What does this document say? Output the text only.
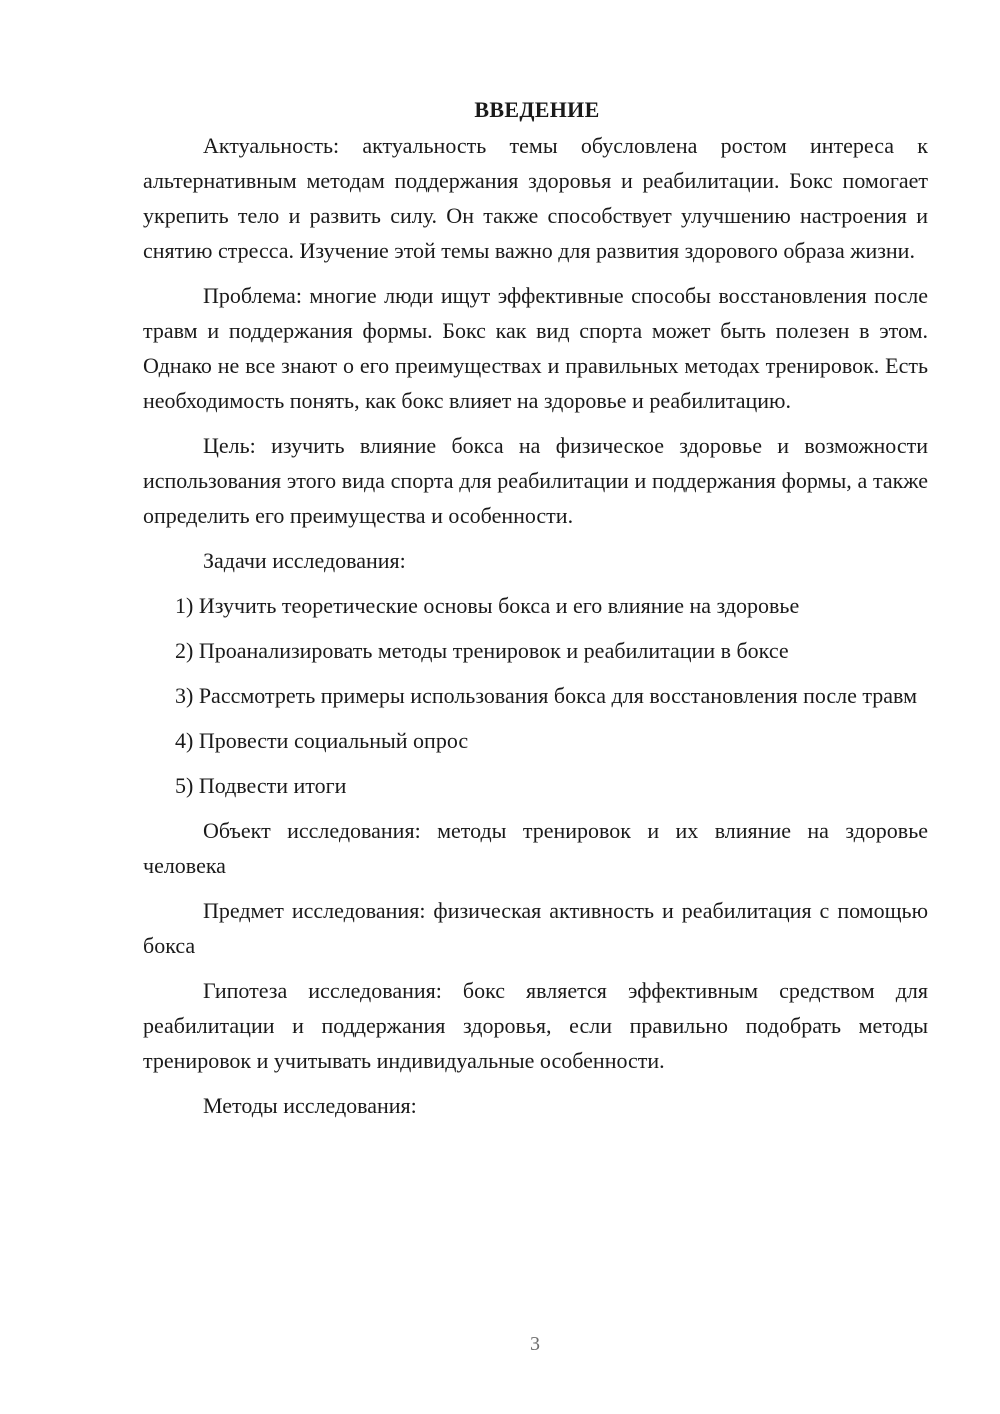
ВВЕДЕНИЕ

Актуальность: актуальность темы обусловлена ростом интереса к альтернативным методам поддержания здоровья и реабилитации. Бокс помогает укрепить тело и развить силу. Он также способствует улучшению настроения и снятию стресса. Изучение этой темы важно для развития здорового образа жизни.

Проблема: многие люди ищут эффективные способы восстановления после травм и поддержания формы. Бокс как вид спорта может быть полезен в этом. Однако не все знают о его преимуществах и правильных методах тренировок. Есть необходимость понять, как бокс влияет на здоровье и реабилитацию.

Цель: изучить влияние бокса на физическое здоровье и возможности использования этого вида спорта для реабилитации и поддержания формы, а также определить его преимущества и особенности.

Задачи исследования:

1) Изучить теоретические основы бокса и его влияние на здоровье

2) Проанализировать методы тренировок и реабилитации в боксе

3) Рассмотреть примеры использования бокса для восстановления после травм

4) Провести социальный опрос

5) Подвести итоги

Объект исследования: методы тренировок и их влияние на здоровье человека

Предмет исследования: физическая активность и реабилитация с помощью бокса

Гипотеза исследования: бокс является эффективным средством для реабилитации и поддержания здоровья, если правильно подобрать методы тренировок и учитывать индивидуальные особенности.

Методы исследования:

3
